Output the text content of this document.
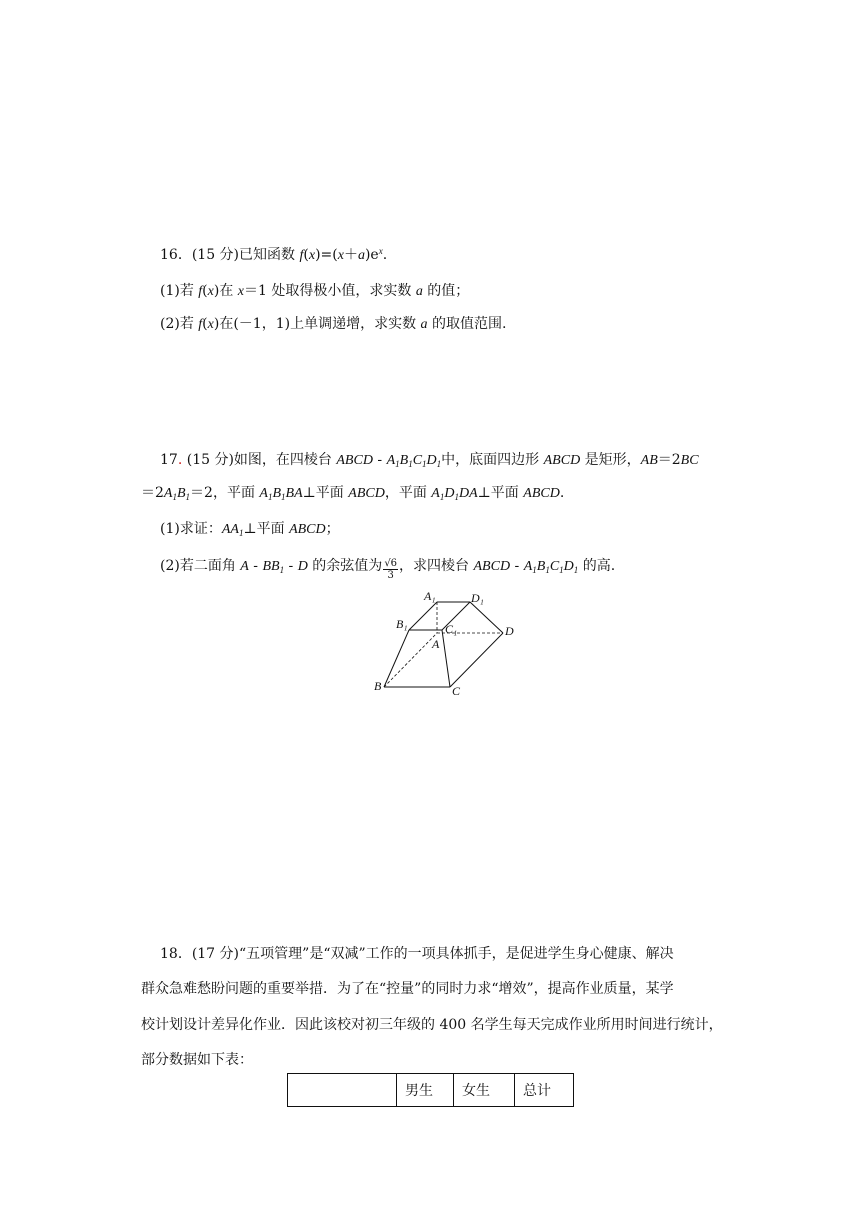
16．(15 分)已知函数 $f(x)=(x+a)e^x$.
(1)若 f(x)在 x＝1 处取得极小值，求实数 a 的值；
(2)若 f(x)在(－1，1)上单调递增，求实数 a 的取值范围.
17. (15 分)如图，在四棱台 ABCD - $A_1B_1C_1D_1$中，底面四边形 ABCD 是矩形，AB＝2BC
$=2A_1B_1=2$，平面 $A_1B_1BA\perp$平面 ABCD，平面 $A_1D_1DA\perp$平面 ABCD.
(1)求证：$AA_1\perp$平面 ABCD；
(2)若二面角 A - $BB_1$ - D 的余弦值为 $\frac{√6}{3}$ ，求四棱台 ABCD - $A_1B_1C_1D_1$ 的高.
A₁	D₁
B₁	C₁
A
D
B	C
18．(17 分)“五项管理”是“双减”工作的一项具体抓手，是促进学生身心健康、解决
群众急难愁盼问题的重要举措．为了在“控量”的同时力求“增效”，提高作业质量，某学
校计划设计差异化作业．因此该校对初三年级的 400 名学生每天完成作业所用时间进行统计，
部分数据如下表：
	男生	女生	总计
